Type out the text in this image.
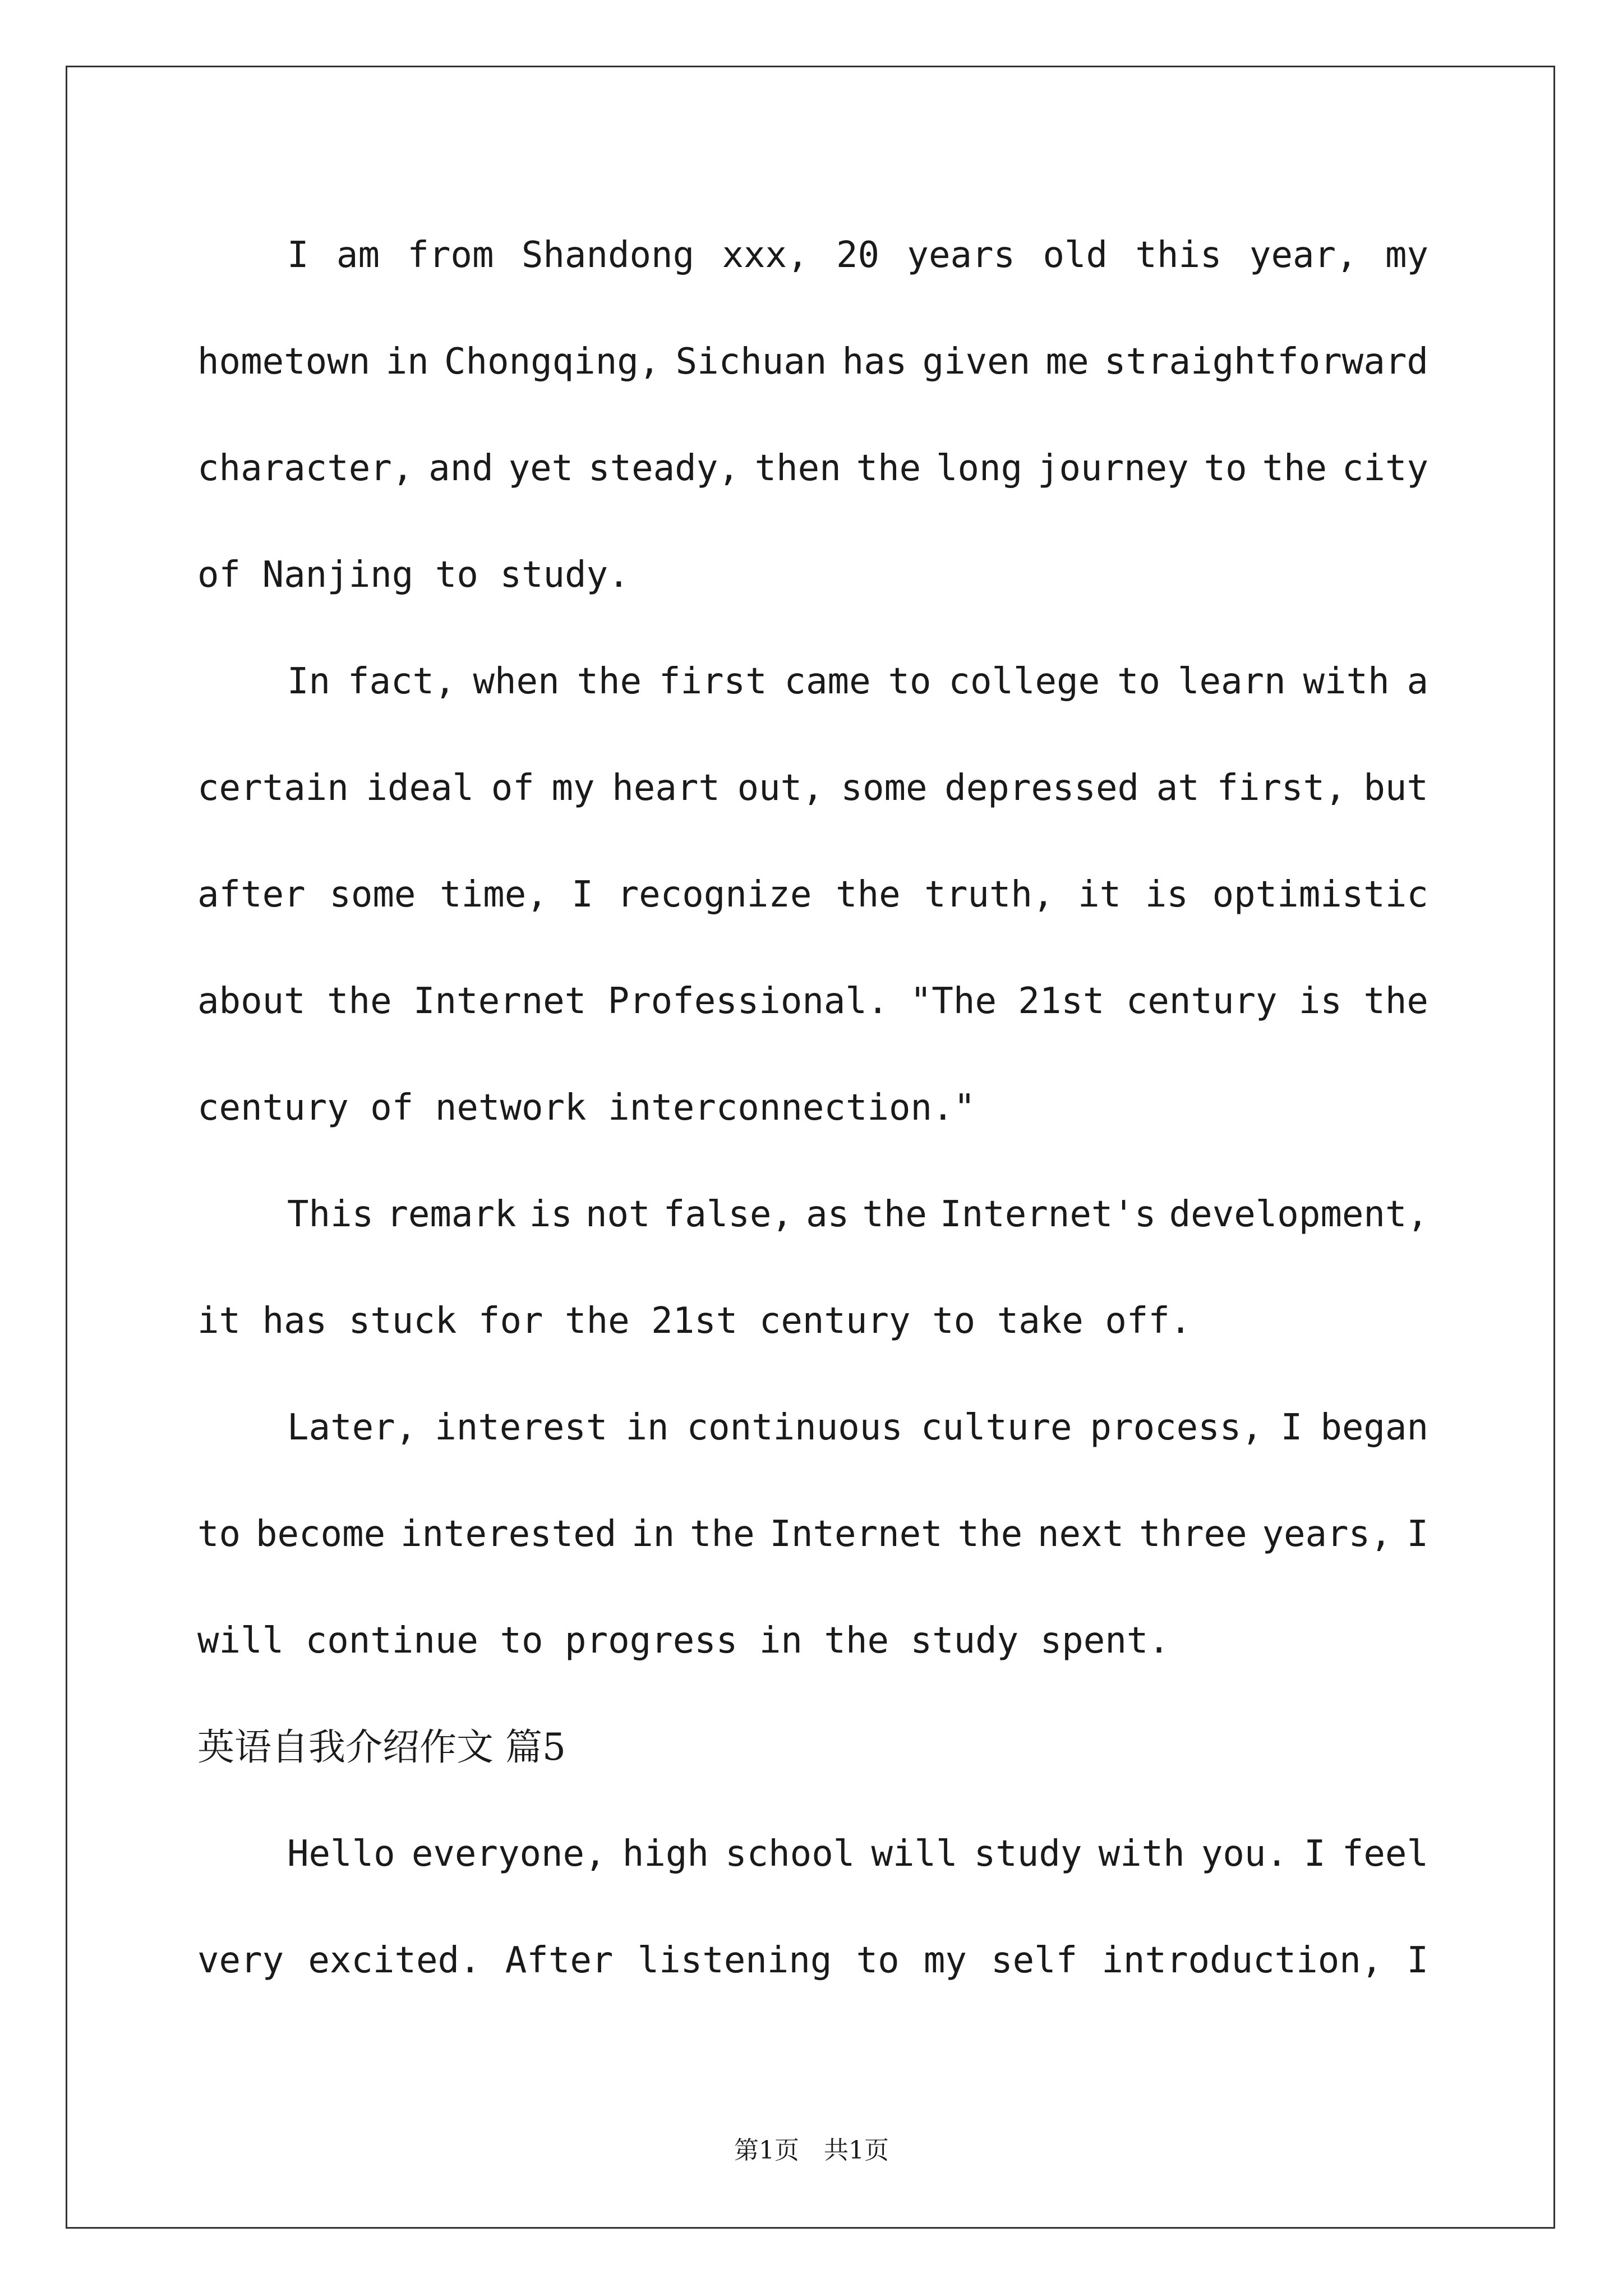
I am from Shandong xxx, 20 years old this year, my
hometown in Chongqing, Sichuan has given me straightforward
character, and yet steady, then the long journey to the city
of Nanjing to study.
In fact, when the first came to college to learn with a
certain ideal of my heart out, some depressed at first, but
after some time, I recognize the truth, it is optimistic
about the Internet Professional. "The 21st century is the
century of network interconnection."
This remark is not false, as the Internet's development,
it has stuck for the 21st century to take off.
Later, interest in continuous culture process, I began
to become interested in the Internet the next three years, I
will continue to progress in the study spent.
英语自我介绍作文 篇5
Hello everyone, high school will study with you. I feel
very excited. After listening to my self introduction, I
第1页　共1页
